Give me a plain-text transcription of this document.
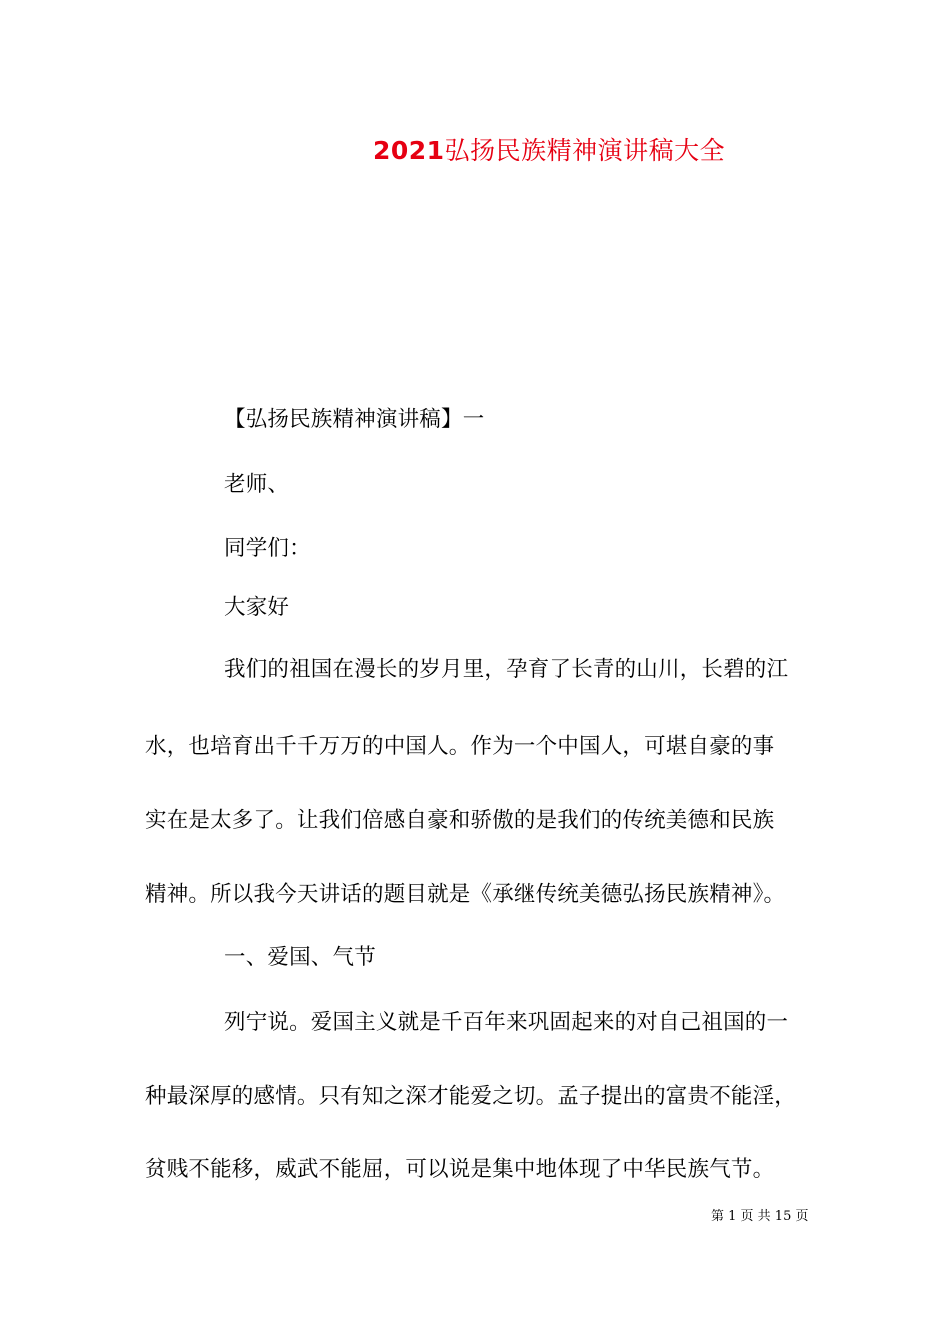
2021弘扬民族精神演讲稿大全
【弘扬民族精神演讲稿】一
老师、
同学们：
大家好
我们的祖国在漫长的岁月里，孕育了长青的山川，长碧的江
水，也培育出千千万万的中国人。作为一个中国人，可堪自豪的事
实在是太多了。让我们倍感自豪和骄傲的是我们的传统美德和民族
精神。所以我今天讲话的题目就是《承继传统美德弘扬民族精神》。
一、爱国、气节
列宁说。爱国主义就是千百年来巩固起来的对自己祖国的一
种最深厚的感情。只有知之深才能爱之切。孟子提出的富贵不能淫，
贫贱不能移，威武不能屈，可以说是集中地体现了中华民族气节。
第 1 页 共 15 页
